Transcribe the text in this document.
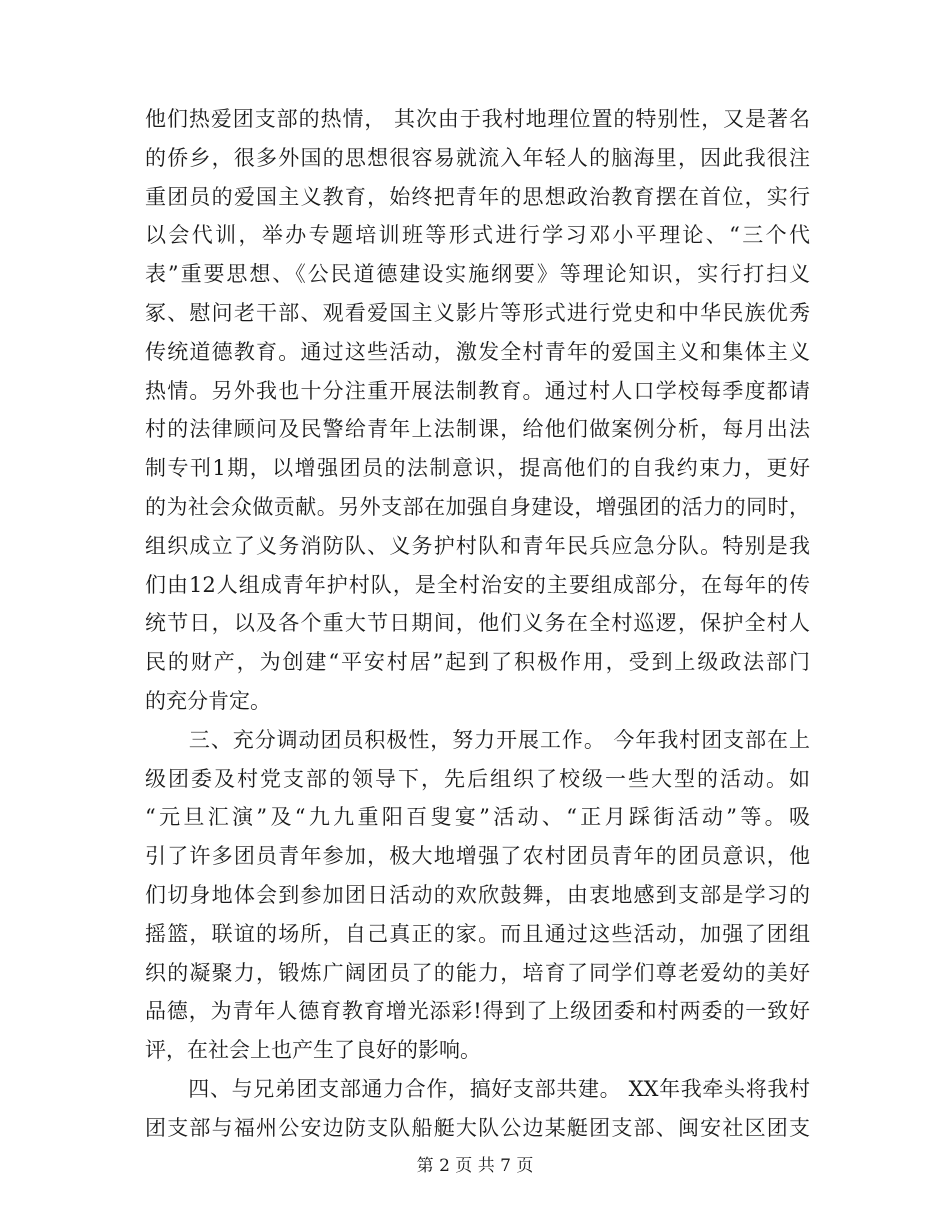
他们热爱团支部的热情， 其次由于我村地理位置的特别性，又是著名
的侨乡，很多外国的思想很容易就流入年轻人的脑海里，因此我很注
重团员的爱国主义教育，始终把青年的思想政治教育摆在首位，实行
以会代训，举办专题培训班等形式进行学习邓小平理论、“三个代
表”重要思想、《公民道德建设实施纲要》等理论知识，实行打扫义
冢、慰问老干部、观看爱国主义影片等形式进行党史和中华民族优秀
传统道德教育。通过这些活动，激发全村青年的爱国主义和集体主义
热情。另外我也十分注重开展法制教育。通过村人口学校每季度都请
村的法律顾问及民警给青年上法制课，给他们做案例分析，每月出法
制专刊1期，以增强团员的法制意识，提高他们的自我约束力，更好
的为社会众做贡献。另外支部在加强自身建设，增强团的活力的同时，
组织成立了义务消防队、义务护村队和青年民兵应急分队。特别是我
们由12人组成青年护村队，是全村治安的主要组成部分，在每年的传
统节日，以及各个重大节日期间，他们义务在全村巡逻，保护全村人
民的财产，为创建“平安村居”起到了积极作用，受到上级政法部门
的充分肯定。
　　三、充分调动团员积极性，努力开展工作。 今年我村团支部在上
级团委及村党支部的领导下，先后组织了校级一些大型的活动。如
“元旦汇演”及“九九重阳百叟宴”活动、“正月踩街活动”等。吸
引了许多团员青年参加，极大地增强了农村团员青年的团员意识，他
们切身地体会到参加团日活动的欢欣鼓舞，由衷地感到支部是学习的
摇篮，联谊的场所，自己真正的家。而且通过这些活动，加强了团组
织的凝聚力，锻炼广阔团员了的能力，培育了同学们尊老爱幼的美好
品德，为青年人德育教育增光添彩!得到了上级团委和村两委的一致好
评，在社会上也产生了良好的影响。
　　四、与兄弟团支部通力合作，搞好支部共建。 XX年我牵头将我村
团支部与福州公安边防支队船艇大队公边某艇团支部、闽安社区团支
第 2 页 共 7 页
